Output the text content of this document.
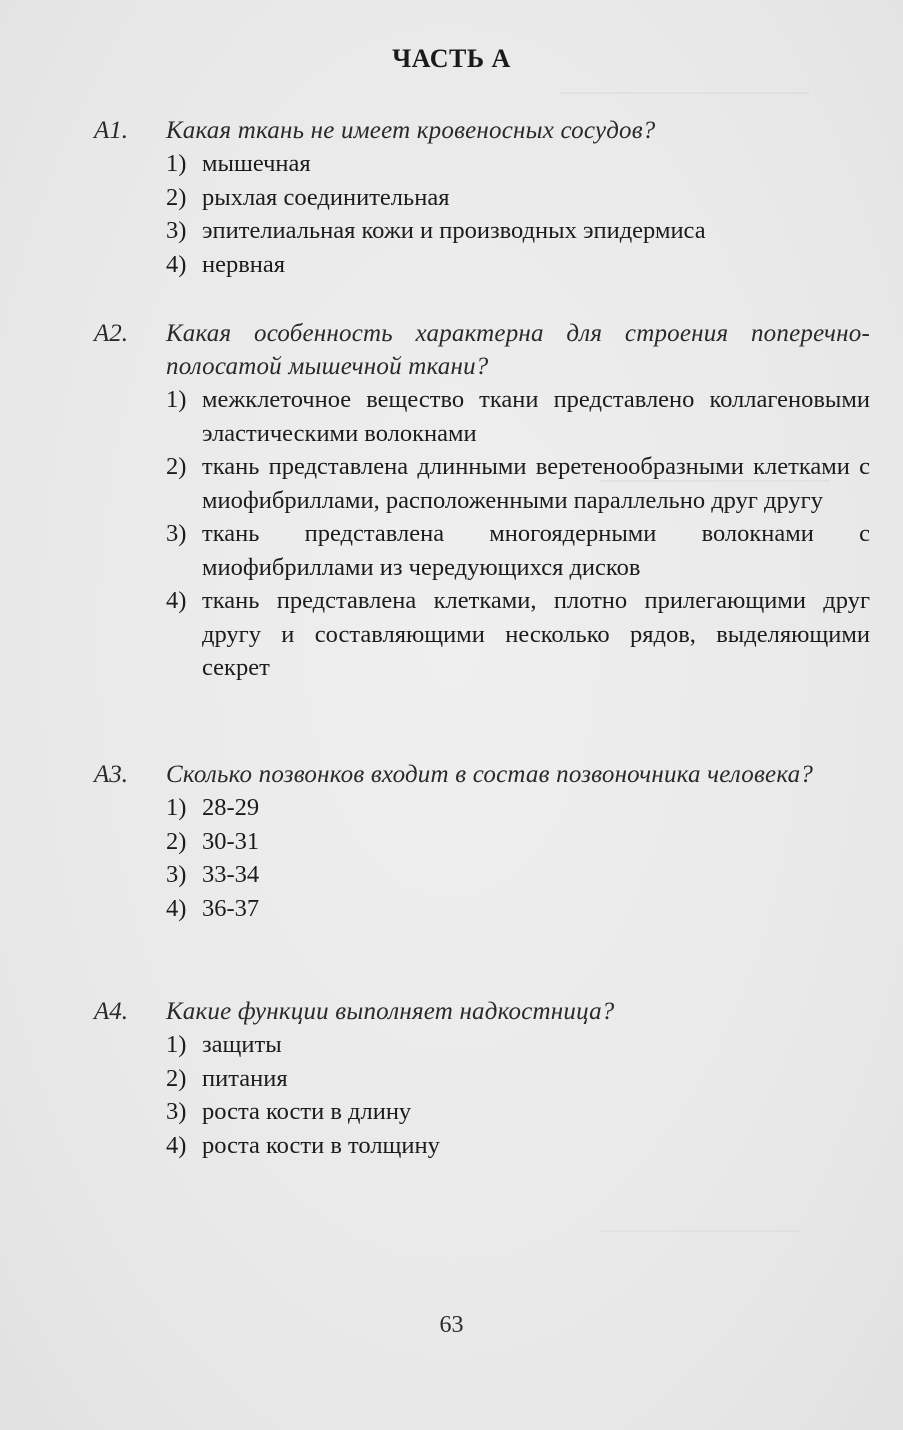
ЧАСТЬ А
A1.	Какая ткань не имеет кровеносных сосудов?
1) мышечная
2) рыхлая соединительная
3) эпителиальная кожи и производных эпидермиса
4) нервная
A2.	Какая особенность характерна для строения поперечно-полосатой мышечной ткани?
1) межклеточное вещество ткани представлено коллагеновыми эластическими волокнами
2) ткань представлена длинными веретенообразными клетками с миофибриллами, расположенными параллельно друг другу
3) ткань представлена многоядерными волокнами с миофибриллами из чередующихся дисков
4) ткань представлена клетками, плотно прилегающими друг другу и составляющими несколько рядов, выделяющими секрет
A3.	Сколько позвонков входит в состав позвоночника человека?
1) 28-29
2) 30-31
3) 33-34
4) 36-37
A4.	Какие функции выполняет надкостница?
1) защиты
2) питания
3) роста кости в длину
4) роста кости в толщину
63
